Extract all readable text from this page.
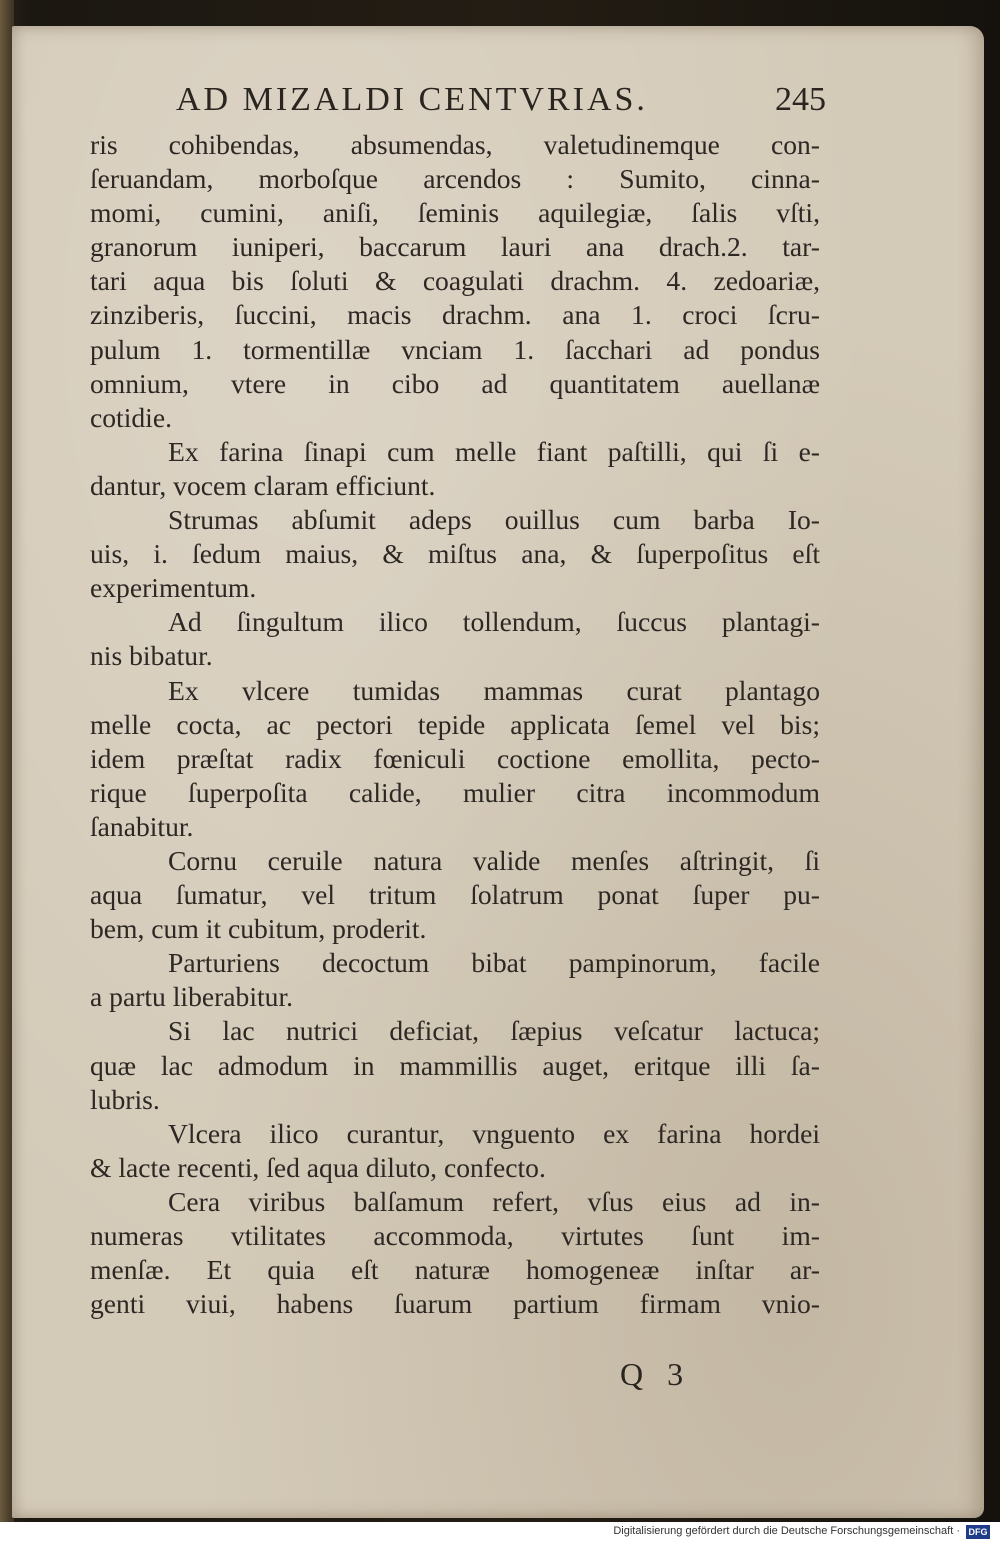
AD MIZALDI CENTVRIAS.	245
ris cohibendas, absumendas, valetudinemque con-
ſeruandam, morboſque arcendos : Sumito, cinna-
momi, cumini, aniſi, ſeminis aquilegiæ, ſalis vſti,
granorum iuniperi, baccarum lauri ana drach.2. tar-
tari aqua bis ſoluti & coagulati drachm. 4. zedoariæ,
zinziberis, ſuccini, macis drachm. ana 1. croci ſcru-
pulum 1. tormentillæ vnciam 1. ſacchari ad pondus
omnium, vtere in cibo ad quantitatem auellanæ
cotidie.
Ex farina ſinapi cum melle fiant paſtilli, qui ſi e-
dantur, vocem claram efficiunt.
Strumas abſumit adeps ouillus cum barba Io-
uis, i. ſedum maius, & miſtus ana, & ſuperpoſitus eſt
experimentum.
Ad ſingultum ilico tollendum, ſuccus plantagi-
nis bibatur.
Ex vlcere tumidas mammas curat plantago
melle cocta, ac pectori tepide applicata ſemel vel bis;
idem præſtat radix fœniculi coctione emollita, pecto-
rique ſuperpoſita calide, mulier citra incommodum
ſanabitur.
Cornu ceruile natura valide menſes aſtringit, ſi
aqua ſumatur, vel tritum ſolatrum ponat ſuper pu-
bem, cum it cubitum, proderit.
Parturiens decoctum bibat pampinorum, facile
a partu liberabitur.
Si lac nutrici deficiat, ſæpius veſcatur lactuca;
quæ lac admodum in mammillis auget, eritque illi ſa-
lubris.
Vlcera ilico curantur, vnguento ex farina hordei
& lacte recenti, ſed aqua diluto, confecto.
Cera viribus balſamum refert, vſus eius ad in-
numeras vtilitates accommoda, virtutes ſunt im-
menſæ. Et quia eſt naturæ homogeneæ inſtar ar-
genti viui, habens ſuarum partium firmam vnio-
Q 3
Digitalisierung gefördert durch die Deutsche Forschungsgemeinschaft · DFG
